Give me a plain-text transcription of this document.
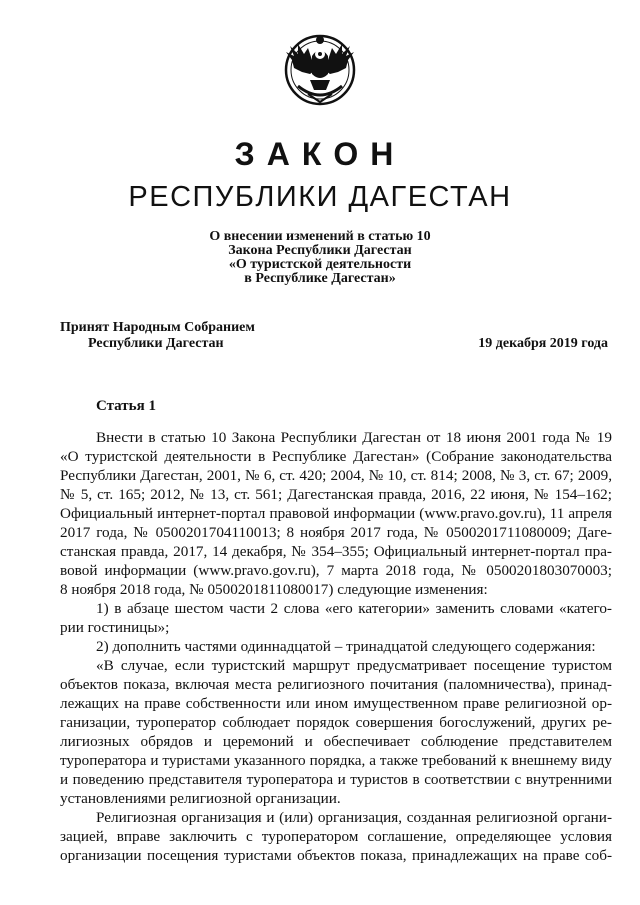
ЗАКОН
РЕСПУБЛИКИ ДАГЕСТАН
О внесении изменений в статью 10
Закона Республики Дагестан
«О туристской деятельности
в Республике Дагестан»
Принят Народным Собранием
Республики Дагестан	19 декабря 2019 года
Статья 1
Внести в статью 10 Закона Республики Дагестан от 18 июня 2001 года № 19
«О туристской деятельности в Республике Дагестан» (Собрание законодательства
Республики Дагестан, 2001, № 6, ст. 420; 2004, № 10, ст. 814; 2008, № 3, ст. 67; 2009,
№ 5, ст. 165; 2012, № 13, ст. 561; Дагестанская правда, 2016, 22 июня, № 154–162;
Официальный интернет-портал правовой информации (www.pravo.gov.ru), 11 апреля
2017 года, № 0500201704110013; 8 ноября 2017 года, № 0500201711080009; Даге-
станская правда, 2017, 14 декабря, № 354–355; Официальный интернет-портал пра-
вовой информации (www.pravo.gov.ru), 7 марта 2018 года, № 0500201803070003;
8 ноября 2018 года, № 0500201811080017) следующие изменения:
1) в абзаце шестом части 2 слова «его категории» заменить словами «катего-
рии гостиницы»;
2) дополнить частями одиннадцатой – тринадцатой следующего содержания:
«В случае, если туристский маршрут предусматривает посещение туристом
объектов показа, включая места религиозного почитания (паломничества), принад-
лежащих на праве собственности или ином имущественном праве религиозной ор-
ганизации, туроператор соблюдает порядок совершения богослужений, других ре-
лигиозных обрядов и церемоний и обеспечивает соблюдение представителем
туроператора и туристами указанного порядка, а также требований к внешнему виду
и поведению представителя туроператора и туристов в соответствии с внутренними
установлениями религиозной организации.
Религиозная организация и (или) организация, созданная религиозной органи-
зацией, вправе заключить с туроператором соглашение, определяющее условия
организации посещения туристами объектов показа, принадлежащих на праве соб-
